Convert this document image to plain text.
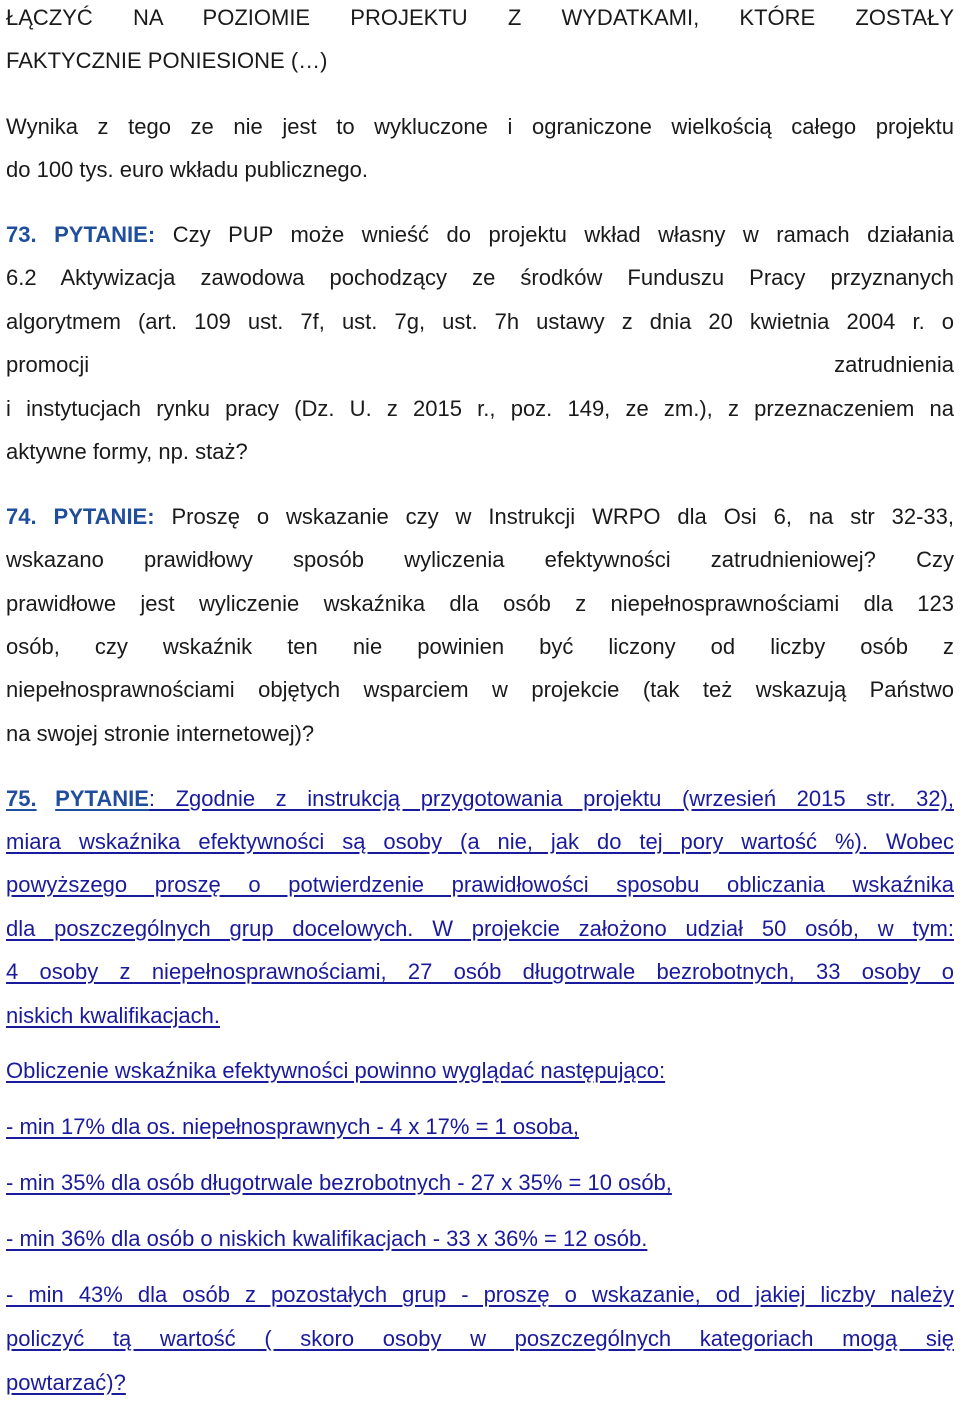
ŁĄCZYĆ NA POZIOMIE PROJEKTU Z WYDATKAMI, KTÓRE ZOSTAŁY
FAKTYCZNIE PONIESIONE (…)
Wynika z tego ze nie jest to wykluczone i ograniczone wielkością całego projektu
do 100 tys. euro wkładu publicznego.
73. PYTANIE: Czy PUP może wnieść do projektu wkład własny w ramach działania
6.2 Aktywizacja zawodowa pochodzący ze środków Funduszu Pracy przyznanych
algorytmem (art. 109 ust. 7f, ust. 7g, ust. 7h ustawy z dnia 20 kwietnia 2004 r. o
promocji zatrudnienia
i instytucjach rynku pracy (Dz. U. z 2015 r., poz. 149, ze zm.), z przeznaczeniem na
aktywne formy, np. staż?
74. PYTANIE: Proszę o wskazanie czy w Instrukcji WRPO dla Osi 6, na str 32-33,
wskazano prawidłowy sposób wyliczenia efektywności zatrudnieniowej? Czy
prawidłowe jest wyliczenie wskaźnika dla osób z niepełnosprawnościami dla 123
osób, czy wskaźnik ten nie powinien być liczony od liczby osób z
niepełnosprawnościami objętych wsparciem w projekcie (tak też wskazują Państwo
na swojej stronie internetowej)?
75. PYTANIE: Zgodnie z instrukcją przygotowania projektu (wrzesień 2015 str. 32),
miara wskaźnika efektywności są osoby (a nie, jak do tej pory wartość %). Wobec
powyższego proszę o potwierdzenie prawidłowości sposobu obliczania wskaźnika
dla poszczególnych grup docelowych. W projekcie założono udział 50 osób, w tym:
4 osoby z niepełnosprawnościami, 27 osób długotrwale bezrobotnych, 33 osoby o
niskich kwalifikacjach.
Obliczenie wskaźnika efektywności powinno wyglądać następująco:
- min 17% dla os. niepełnosprawnych - 4 x 17% = 1 osoba,
- min 35% dla osób długotrwale bezrobotnych - 27 x 35% = 10 osób,
- min 36% dla osób o niskich kwalifikacjach - 33 x 36% = 12 osób.
- min 43% dla osób z pozostałych grup - proszę o wskazanie, od jakiej liczby należy
policzyć tą wartość ( skoro osoby w poszczególnych kategoriach mogą się
powtarzać)?
